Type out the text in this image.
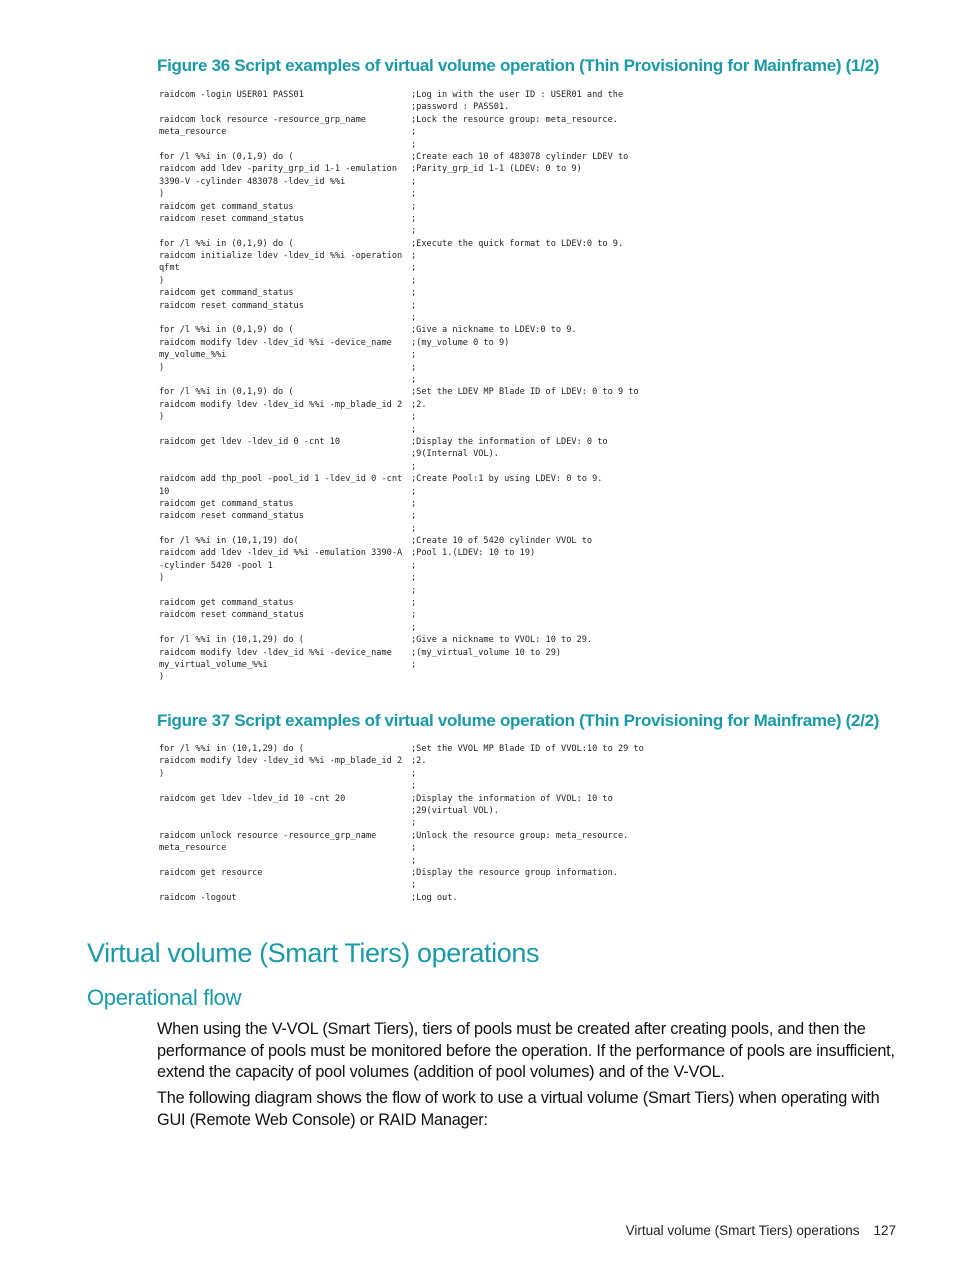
Figure 36 Script examples of virtual volume operation (Thin Provisioning for Mainframe) (1/2)
raidcom -login USER01 PASS01	;Log in with the user ID : USER01 and the
;password : PASS01.
raidcom lock resource -resource_grp_name	;Lock the resource group: meta_resource.
meta_resource	;
;
for /l %%i in (0,1,9) do (	;Create each 10 of 483078 cylinder LDEV to
raidcom add ldev -parity_grp_id 1-1 -emulation	;Parity_grp_id 1-1 (LDEV: 0 to 9)
3390-V -cylinder 483078 -ldev_id %%i	;
)	;
raidcom get command_status	;
raidcom reset command_status	;
;
for /l %%i in (0,1,9) do (	;Execute the quick format to LDEV:0 to 9.
raidcom initialize ldev -ldev_id %%i -operation	;
qfmt	;
)	;
raidcom get command_status	;
raidcom reset command_status	;
;
for /l %%i in (0,1,9) do (	;Give a nickname to LDEV:0 to 9.
raidcom modify ldev -ldev_id %%i -device_name	;(my_volume 0 to 9)
my_volume_%%i	;
)	;
;
for /l %%i in (0,1,9) do (	;Set the LDEV MP Blade ID of LDEV: 0 to 9 to
raidcom modify ldev -ldev_id %%i -mp_blade_id 2	;2.
)	;
;
raidcom get ldev -ldev_id 0 -cnt 10	;Display the information of LDEV: 0 to
;9(Internal VOL).
;
raidcom add thp_pool -pool_id 1 -ldev_id 0 -cnt	;Create Pool:1 by using LDEV: 0 to 9.
10	;
raidcom get command_status	;
raidcom reset command_status	;
;
for /l %%i in (10,1,19) do(	;Create 10 of 5420 cylinder VVOL to
raidcom add ldev -ldev_id %%i -emulation 3390-A	;Pool 1.(LDEV: 10 to 19)
-cylinder 5420 -pool 1	;
)	;
;
raidcom get command_status	;
raidcom reset command_status	;
;
for /l %%i in (10,1,29) do (	;Give a nickname to VVOL: 10 to 29.
raidcom modify ldev -ldev_id %%i -device_name	;(my_virtual_volume 10 to 29)
my_virtual_volume_%%i	;
)
Figure 37 Script examples of virtual volume operation (Thin Provisioning for Mainframe) (2/2)
for /l %%i in (10,1,29) do (	;Set the VVOL MP Blade ID of VVOL:10 to 29 to
raidcom modify ldev -ldev_id %%i -mp_blade_id 2	;2.
)	;
;
raidcom get ldev -ldev_id 10 -cnt 20	;Display the information of VVOL: 10 to
;29(virtual VOL).
;
raidcom unlock resource -resource_grp_name	;Unlock the resource group: meta_resource.
meta_resource	;
;
raidcom get resource	;Display the resource group information.
;
raidcom -logout	;Log out.
Virtual volume (Smart Tiers) operations
Operational flow

When using the V-VOL (Smart Tiers), tiers of pools must be created after creating pools, and then the performance of pools must be monitored before the operation. If the performance of pools are insufficient, extend the capacity of pool volumes (addition of pool volumes) and of the V-VOL.

The following diagram shows the flow of work to use a virtual volume (Smart Tiers) when operating with GUI (Remote Web Console) or RAID Manager:

Virtual volume (Smart Tiers) operations 127
